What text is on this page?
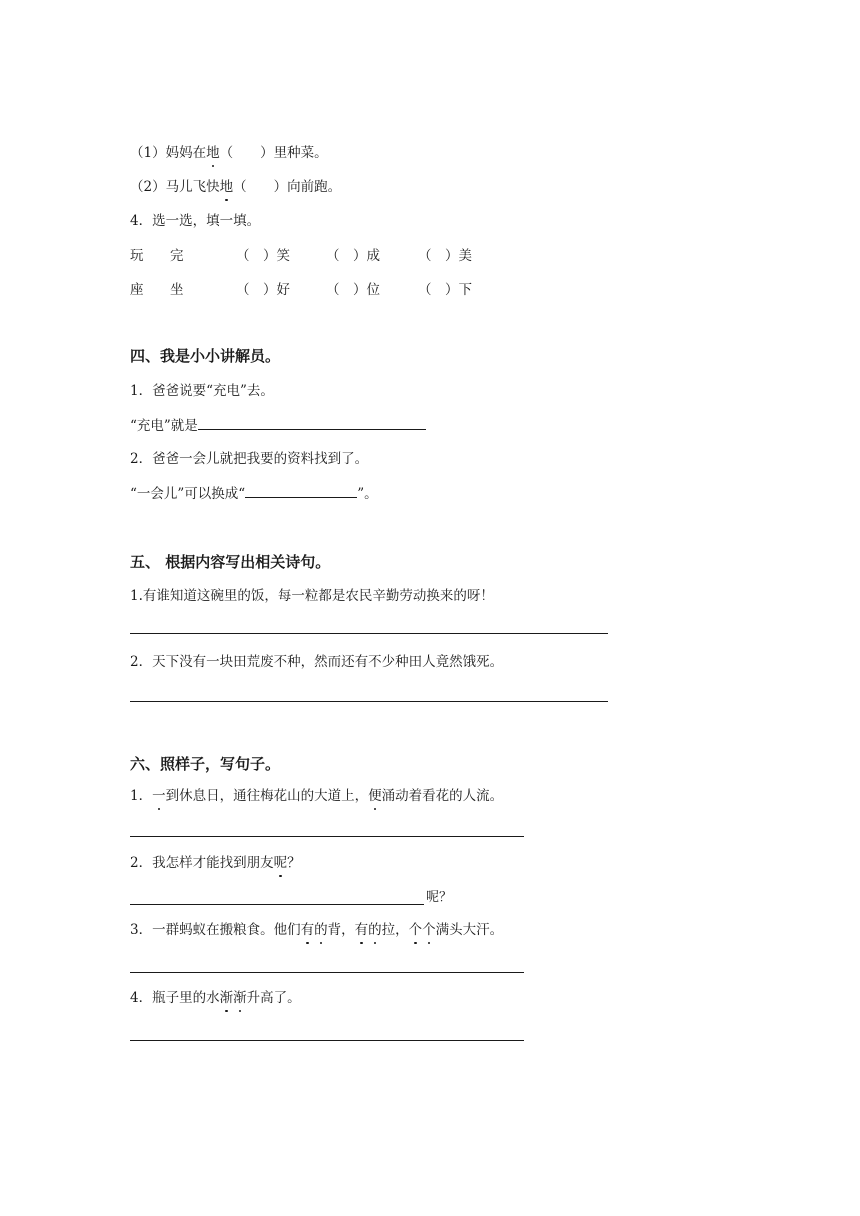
（1）妈妈在地（　　）里种菜。
（2）马儿飞快地（　　）向前跑。
4．选一选，填一填。
玩 完	（　）笑	（　）成	（　）美
座 坐	（　）好	（　）位	（　）下
四、我是小小讲解员。
1．爸爸说要“充电”去。
“充电”就是
2．爸爸一会儿就把我要的资料找到了。
“一会儿”可以换成“	”。
五、 根据内容写出相关诗句。
1.有谁知道这碗里的饭，每一粒都是农民辛勤劳动换来的呀！
2．天下没有一块田荒废不种，然而还有不少种田人竟然饿死。
六、照样子，写句子。
1．一到休息日，通往梅花山的大道上，便涌动着看花的人流。
2．我怎样才能找到朋友呢？
呢？
3．一群蚂蚁在搬粮食。他们有的背，有的拉，个个满头大汗。
4．瓶子里的水渐渐升高了。
